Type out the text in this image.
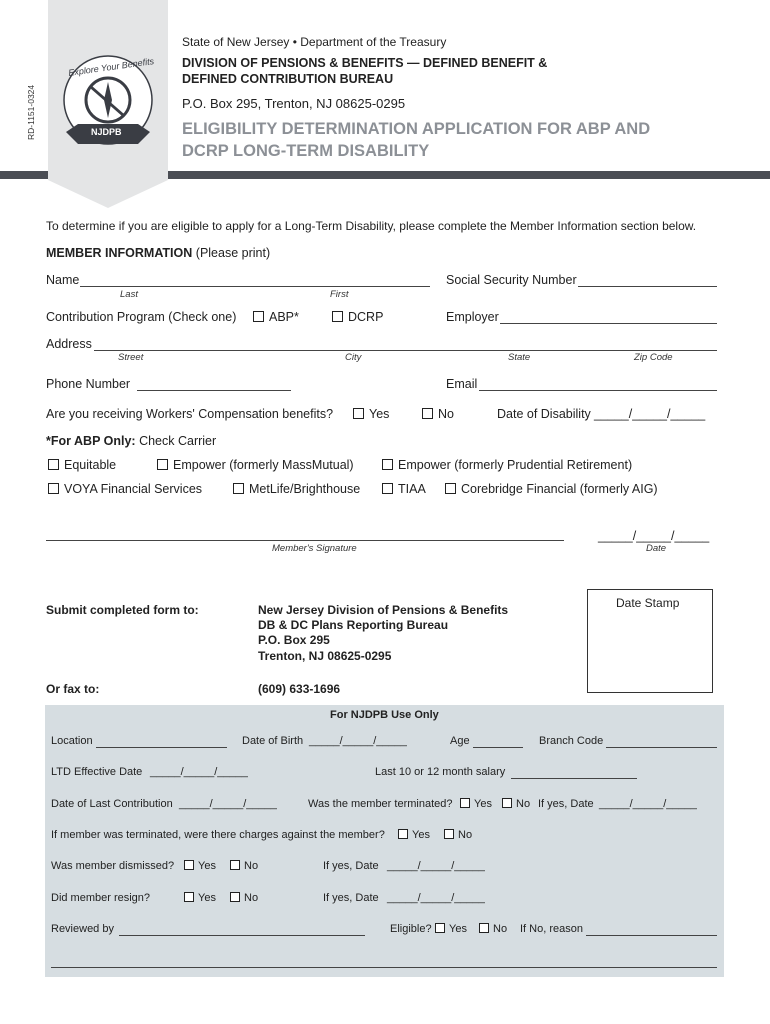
Explore Your Benefits
NJDPB
RD-1151-0324
State of New Jersey • Department of the Treasury
DIVISION OF PENSIONS & BENEFITS — DEFINED BENEFIT &
DEFINED CONTRIBUTION BUREAU
P.O. Box 295, Trenton, NJ 08625-0295
ELIGIBILITY DETERMINATION APPLICATION FOR ABP AND
DCRP LONG-TERM DISABILITY
To determine if you are eligible to apply for a Long-Term Disability, please complete the Member Information section below.
MEMBER INFORMATION (Please print)
Name
Last	First
Social Security Number
Contribution Program (Check one)	ABP*	DCRP	Employer
Address
Street	City	State	Zip Code
Phone Number	Email
Are you receiving Workers' Compensation benefits?	Yes	No	Date of Disability _____/_____/_____
*For ABP Only: Check Carrier
Equitable	Empower (formerly MassMutual)	Empower (formerly Prudential Retirement)
VOYA Financial Services	MetLife/Brighthouse	TIAA	Corebridge Financial (formerly AIG)
Member's Signature
_____/_____/_____
Date
Submit completed form to:	New Jersey Division of Pensions & Benefits
DB & DC Plans Reporting Bureau
P.O. Box 295
Trenton, NJ 08625-0295
Or fax to:	(609) 633-1696
Date Stamp
For NJDPB Use Only
Location	Date of Birth _____/_____/_____	Age	Branch Code
LTD Effective Date _____/_____/_____	Last 10 or 12 month salary
Date of Last Contribution _____/_____/_____	Was the member terminated?	Yes	No If yes, Date _____/_____/_____
If member was terminated, were there charges against the member?	Yes	No
Was member dismissed?	Yes	No	If yes, Date _____/_____/_____
Did member resign?	Yes	No	If yes, Date _____/_____/_____
Reviewed by	Eligible?	Yes	No If No, reason
